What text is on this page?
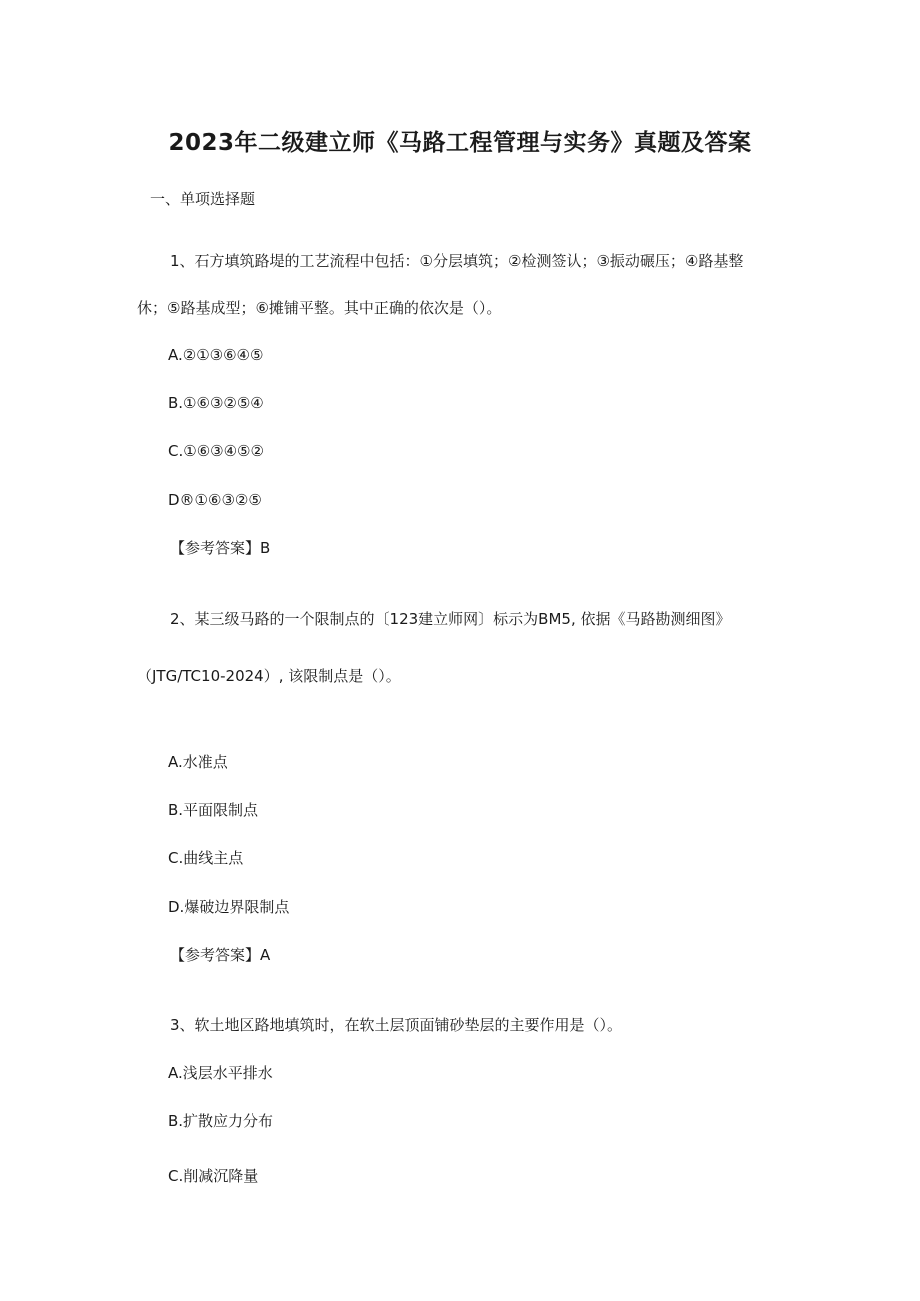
2023年二级建立师《马路工程管理与实务》真题及答案
一、单项选择题
1、石方填筑路堤的工艺流程中包括：①分层填筑；②检测签认；③振动碾压；④路基整
休；⑤路基成型；⑥摊铺平整。其中正确的依次是（）。
A.②①③⑥④⑤
B.①⑥③②⑤④
C.①⑥③④⑤②
D®①⑥③②⑤
【参考答案】B
2、某三级马路的一个限制点的〔123建立师网〕标示为BM5, 依据《马路勘测细图》
（JTG/TC10-2024）, 该限制点是（）。
A.水准点
B.平面限制点
C.曲线主点
D.爆破边界限制点
【参考答案】A
3、软土地区路地填筑时，在软土层顶面铺砂垫层的主要作用是（）。
A.浅层水平排水
B.扩散应力分布
C.削减沉降量
